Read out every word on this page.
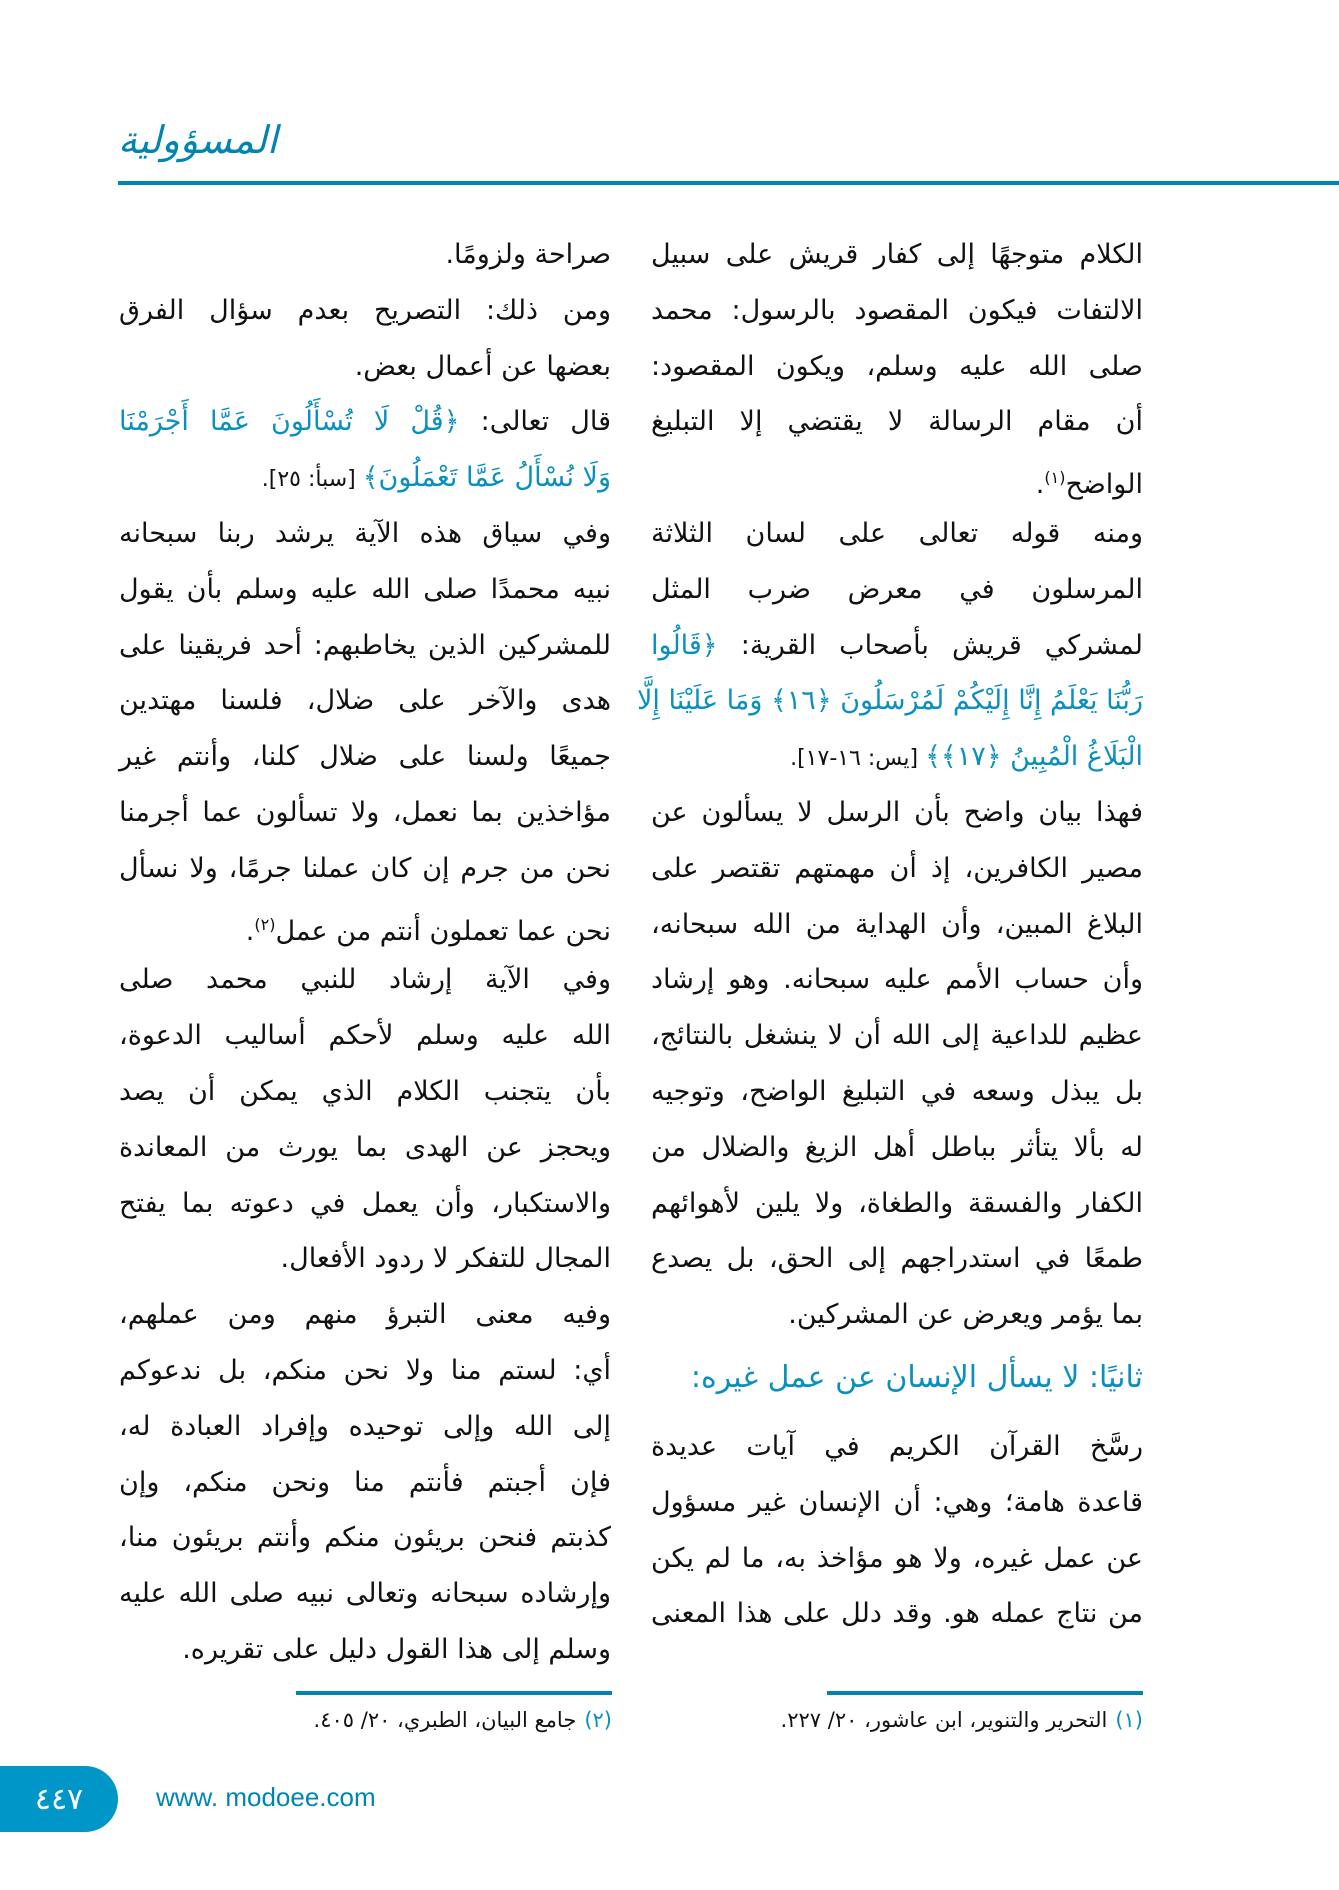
المسؤولية
الكلام متوجهًا إلى كفار قريش على سبيل
الالتفات فيكون المقصود بالرسول: محمد
صلى الله عليه وسلم، ويكون المقصود:
أن مقام الرسالة لا يقتضي إلا التبليغ
الواضح$^{(١)}$.
ومنه قوله تعالى على لسان الثلاثة
المرسلون في معرض ضرب المثل
لمشركي قريش بأصحاب القرية: ﴿قَالُوا
رَبُّنَا يَعْلَمُ إِنَّا إِلَيْكُمْ لَمُرْسَلُونَ ﴿١٦﴾ وَمَا عَلَيْنَا إِلَّا
الْبَلَاغُ الْمُبِينُ ﴿١٧﴾﴾ [يس: ١٦-١٧].
فهذا بيان واضح بأن الرسل لا يسألون عن
مصير الكافرين، إذ أن مهمتهم تقتصر على
البلاغ المبين، وأن الهداية من الله سبحانه،
وأن حساب الأمم عليه سبحانه. وهو إرشاد
عظيم للداعية إلى الله أن لا ينشغل بالنتائج،
بل يبذل وسعه في التبليغ الواضح، وتوجيه
له بألا يتأثر بباطل أهل الزيغ والضلال من
الكفار والفسقة والطغاة، ولا يلين لأهوائهم
طمعًا في استدراجهم إلى الحق، بل يصدع
بما يؤمر ويعرض عن المشركين.
ثانيًا: لا يسأل الإنسان عن عمل غيره:
رسَّخ القرآن الكريم في آيات عديدة
قاعدة هامة؛ وهي: أن الإنسان غير مسؤول
عن عمل غيره، ولا هو مؤاخذ به، ما لم يكن
من نتاج عمله هو. وقد دلل على هذا المعنى
صراحة ولزومًا.
ومن ذلك: التصريح بعدم سؤال الفرق
بعضها عن أعمال بعض.
قال تعالى: ﴿قُلْ لَا تُسْأَلُونَ عَمَّا أَجْرَمْنَا
وَلَا نُسْأَلُ عَمَّا تَعْمَلُونَ﴾ [سبأ: ٢٥].
وفي سياق هذه الآية يرشد ربنا سبحانه
نبيه محمدًا صلى الله عليه وسلم بأن يقول
للمشركين الذين يخاطبهم: أحد فريقينا على
هدى والآخر على ضلال، فلسنا مهتدين
جميعًا ولسنا على ضلال كلنا، وأنتم غير
مؤاخذين بما نعمل، ولا تسألون عما أجرمنا
نحن من جرم إن كان عملنا جرمًا، ولا نسأل
نحن عما تعملون أنتم من عمل$^{(٢)}$.
وفي الآية إرشاد للنبي محمد صلى
الله عليه وسلم لأحكم أساليب الدعوة،
بأن يتجنب الكلام الذي يمكن أن يصد
ويحجز عن الهدى بما يورث من المعاندة
والاستكبار، وأن يعمل في دعوته بما يفتح
المجال للتفكر لا ردود الأفعال.
وفيه معنى التبرؤ منهم ومن عملهم،
أي: لستم منا ولا نحن منكم، بل ندعوكم
إلى الله وإلى توحيده وإفراد العبادة له،
فإن أجبتم فأنتم منا ونحن منكم، وإن
كذبتم فنحن بريئون منكم وأنتم بريئون منا،
وإرشاده سبحانه وتعالى نبيه صلى الله عليه
وسلم إلى هذا القول دليل على تقريره.
(١)التحرير والتنوير، ابن عاشور، ٢٠/ ٢٢٧.
(٢)جامع البيان، الطبري، ٢٠/ ٤٠٥.
٤٤٧	www. modoee.com
